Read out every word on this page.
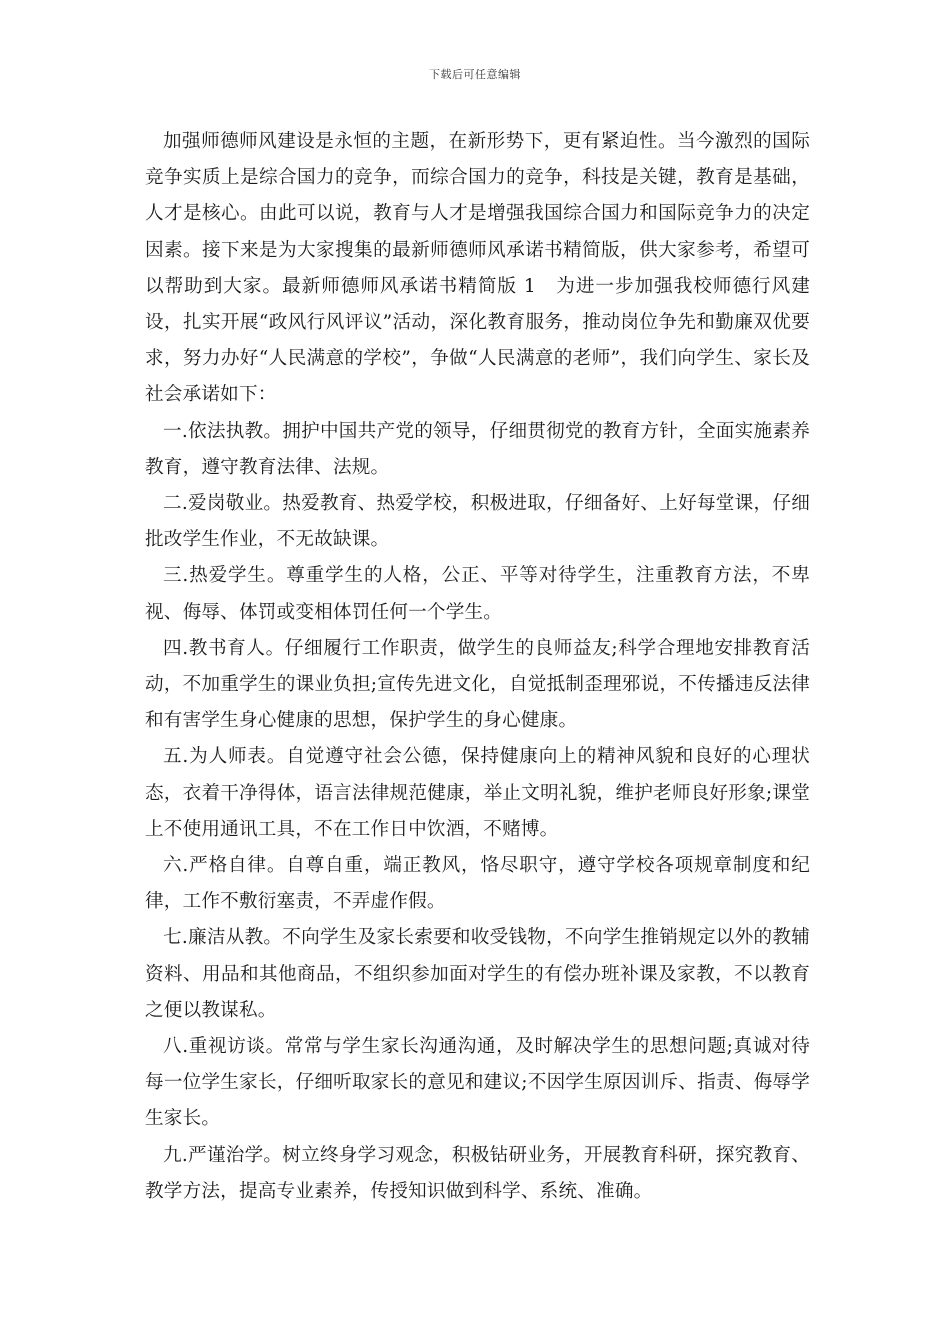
下载后可任意编辑

加强师德师风建设是永恒的主题，在新形势下，更有紧迫性。当今激烈的国际竞争实质上是综合国力的竞争，而综合国力的竞争，科技是关键，教育是基础，人才是核心。由此可以说，教育与人才是增强我国综合国力和国际竞争力的决定因素。接下来是为大家搜集的最新师德师风承诺书精简版，供大家参考，希望可以帮助到大家。最新师德师风承诺书精简版 1　为进一步加强我校师德行风建设，扎实开展“政风行风评议”活动，深化教育服务，推动岗位争先和勤廉双优要求，努力办好“人民满意的学校”，争做“人民满意的老师”，我们向学生、家长及社会承诺如下：

一.依法执教。拥护中国共产党的领导，仔细贯彻党的教育方针，全面实施素养教育，遵守教育法律、法规。

二.爱岗敬业。热爱教育、热爱学校，积极进取，仔细备好、上好每堂课，仔细批改学生作业，不无故缺课。

三.热爱学生。尊重学生的人格，公正、平等对待学生，注重教育方法，不卑视、侮辱、体罚或变相体罚任何一个学生。

四.教书育人。仔细履行工作职责，做学生的良师益友;科学合理地安排教育活动，不加重学生的课业负担;宣传先进文化，自觉抵制歪理邪说，不传播违反法律和有害学生身心健康的思想，保护学生的身心健康。

五.为人师表。自觉遵守社会公德，保持健康向上的精神风貌和良好的心理状态，衣着干净得体，语言法律规范健康，举止文明礼貌，维护老师良好形象;课堂上不使用通讯工具，不在工作日中饮酒，不赌博。

六.严格自律。自尊自重，端正教风，恪尽职守，遵守学校各项规章制度和纪律，工作不敷衍塞责，不弄虚作假。

七.廉洁从教。不向学生及家长索要和收受钱物，不向学生推销规定以外的教辅资料、用品和其他商品，不组织参加面对学生的有偿办班补课及家教，不以教育之便以教谋私。

八.重视访谈。常常与学生家长沟通沟通，及时解决学生的思想问题;真诚对待每一位学生家长，仔细听取家长的意见和建议;不因学生原因训斥、指责、侮辱学生家长。

九.严谨治学。树立终身学习观念，积极钻研业务，开展教育科研，探究教育、教学方法，提高专业素养，传授知识做到科学、系统、准确。
